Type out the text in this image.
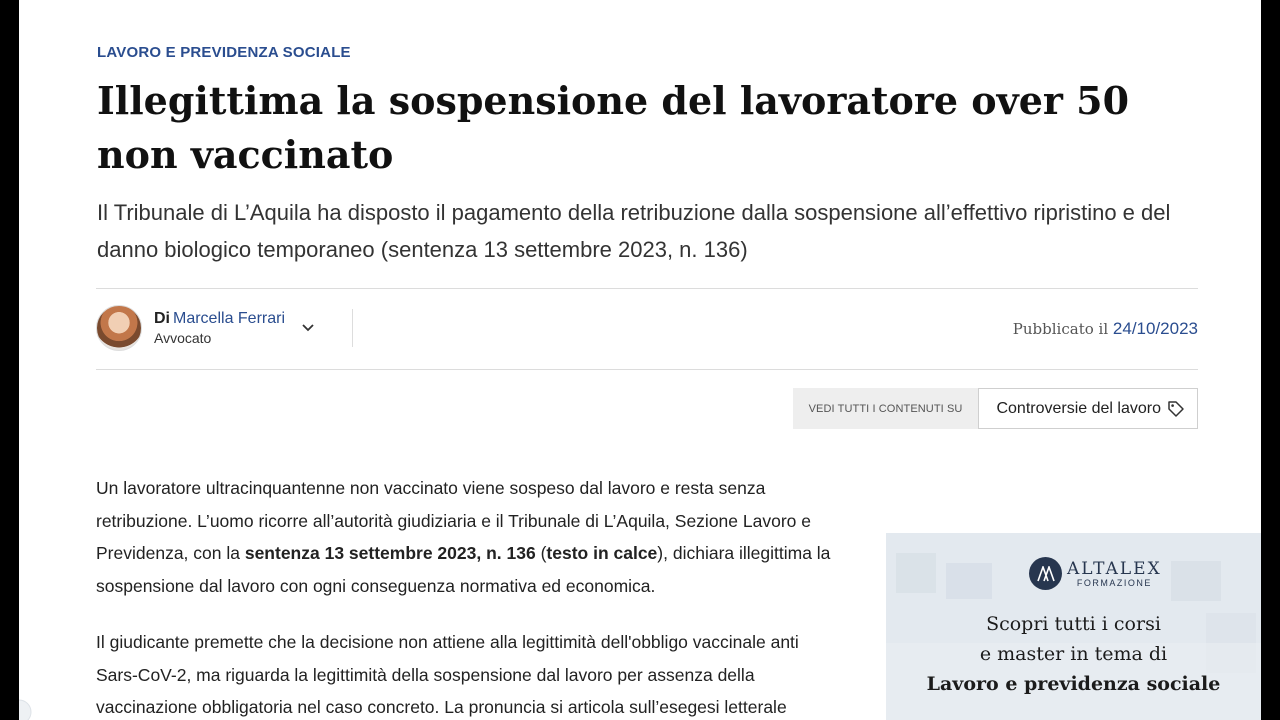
LAVORO E PREVIDENZA SOCIALE
Illegittima la sospensione del lavoratore over 50 non vaccinato
Il Tribunale di L’Aquila ha disposto il pagamento della retribuzione dalla sospensione all’effettivo ripristino e del danno biologico temporaneo (sentenza 13 settembre 2023, n. 136)
Di Marcella Ferrari
Avvocato	Pubblicato il 24/10/2023
VEDI TUTTI I CONTENUTI SU	Controversie del lavoro

Un lavoratore ultracinquantenne non vaccinato viene sospeso dal lavoro e resta senza retribuzione. L’uomo ricorre all’autorità giudiziaria e il Tribunale di L’Aquila, Sezione Lavoro e Previdenza, con la sentenza 13 settembre 2023, n. 136 (testo in calce), dichiara illegittima la sospensione dal lavoro con ogni conseguenza normativa ed economica.

Il giudicante premette che la decisione non attiene alla legittimità dell'obbligo vaccinale anti Sars-CoV-2, ma riguarda la legittimità della sospensione dal lavoro per assenza della vaccinazione obbligatoria nel caso concreto. La pronuncia si articola sull’esegesi letterale

ALTALEX
FORMAZIONE
Scopri tutti i corsi
e master in tema di
Lavoro e previdenza sociale
